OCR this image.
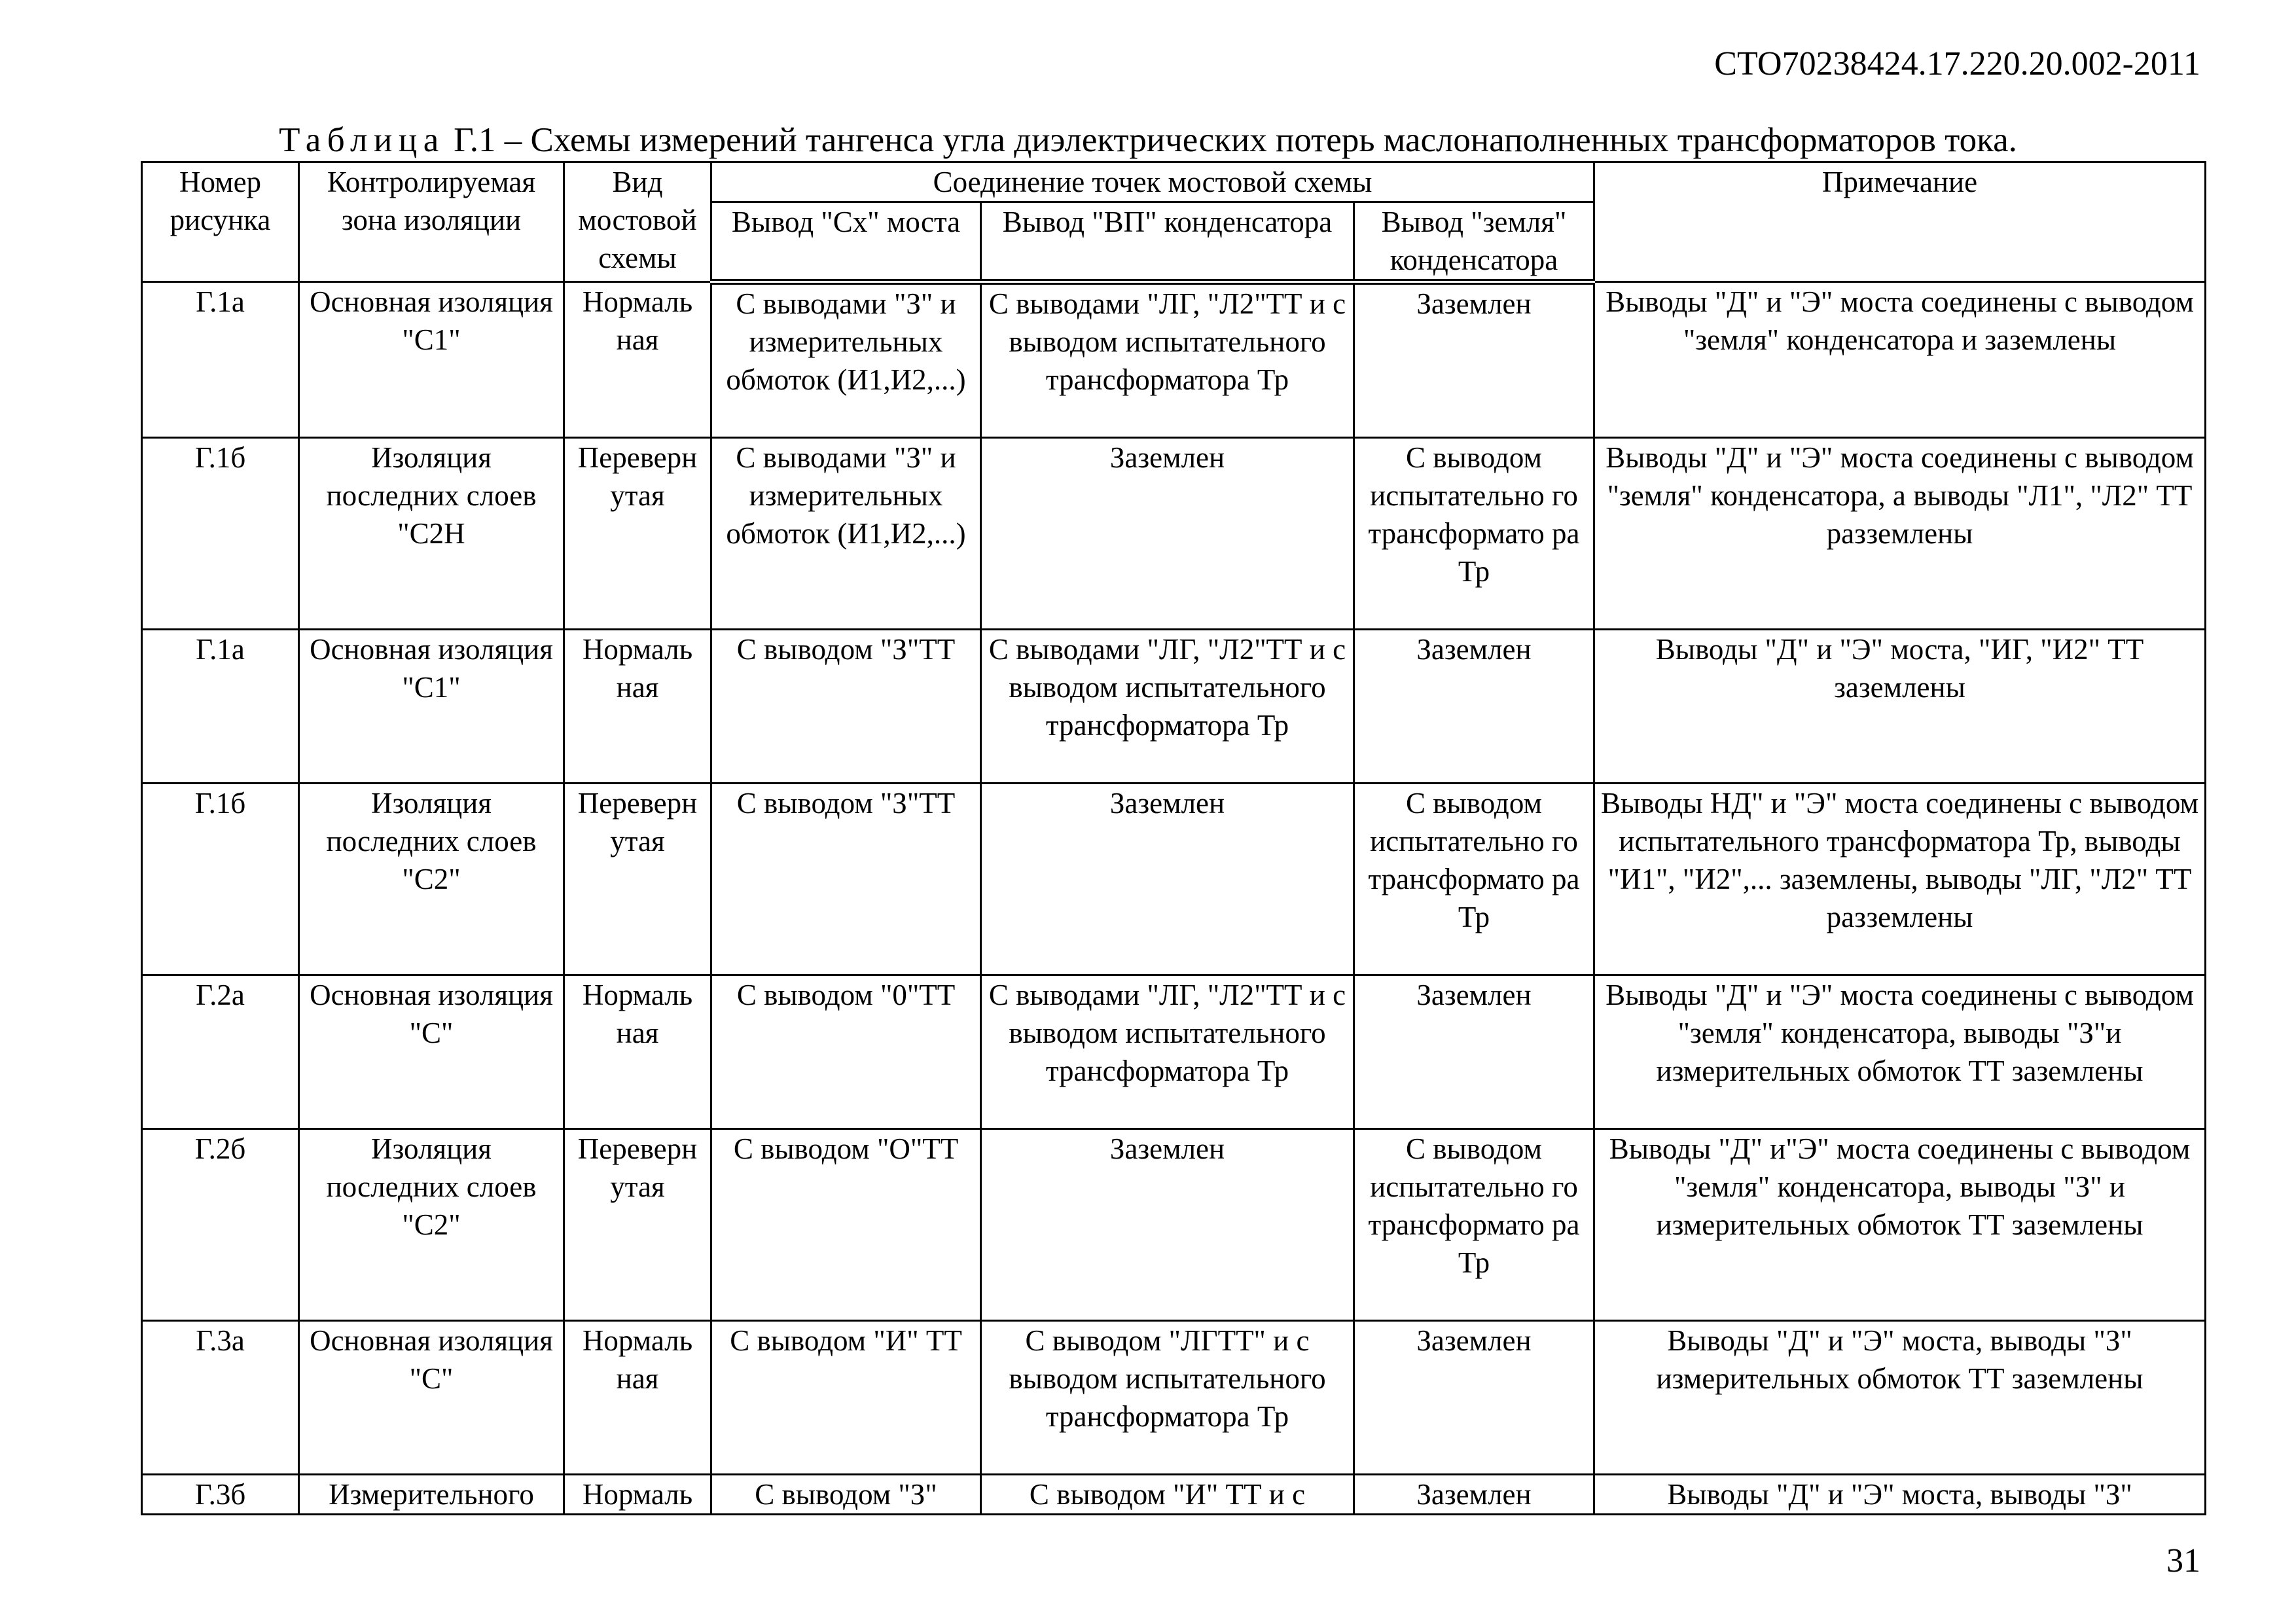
СТО70238424.17.220.20.002-2011
Таблица Г.1 – Схемы измерений тангенса угла диэлектрических потерь маслонаполненных трансформаторов тока.
Номер рисунка	Контролируемая зона изоляции	Вид мостовой схемы	Соединение точек мостовой схемы			Примечание
			Вывод "Сх" моста	Вывод "ВП" конденсатора	Вывод "земля" конденсатора	
Г.1а	Основная изоляция "С1"	Нормаль ная	С выводами "З" и измерительных обмоток (И1,И2,...)	С выводами "ЛГ, "Л2"ТТ и с выводом испытательного трансформатора Тр	Заземлен	Выводы "Д" и "Э" моста соединены с выводом "земля" конденсатора и заземлены
Г.1б	Изоляция последних слоев "С2Н	Переверн утая	С выводами "З" и измерительных обмоток (И1,И2,...)	Заземлен	С выводом испытательно го трансформато ра Тр	Выводы "Д" и "Э" моста соединены с выводом "земля" конденсатора, а выводы "Л1", "Л2" ТТ разземлены
Г.1а	Основная изоляция "С1"	Нормаль ная	С выводом "З"ТТ	С выводами "ЛГ, "Л2"ТТ и с выводом испытательного трансформатора Тр	Заземлен	Выводы "Д" и "Э" моста, "ИГ, "И2" ТТ заземлены
Г.1б	Изоляция последних слоев "С2"	Переверн утая	С выводом "З"ТТ	Заземлен	С выводом испытательно го трансформато ра Тр	Выводы НД" и "Э" моста соединены с выводом испытательного трансформатора Тр, выводы "И1", "И2",... заземлены, выводы "ЛГ, "Л2" ТТ разземлены
Г.2а	Основная изоляция "С"	Нормаль ная	С выводом "0"ТТ	С выводами "ЛГ, "Л2"ТТ и с выводом испытательного трансформатора Тр	Заземлен	Выводы "Д" и "Э" моста соединены с выводом "земля" конденсатора, выводы "З"и измерительных обмоток ТТ заземлены
Г.2б	Изоляция последних слоев "С2"	Переверн утая	С выводом "О"ТТ	Заземлен	С выводом испытательно го трансформато ра Тр	Выводы "Д" и"Э" моста соединены с выводом "земля" конденсатора, выводы "З" и измерительных обмоток ТТ заземлены
Г.3а	Основная изоляция "С"	Нормаль ная	С выводом "И" ТТ	С выводом "ЛГТТ" и с выводом испытательного трансформатора Тр	Заземлен	Выводы "Д" и "Э" моста, выводы "З" измерительных обмоток ТТ заземлены
Г.3б	Измерительного	Нормаль	С выводом "З"	С выводом "И" ТТ и с	Заземлен	Выводы "Д" и "Э" моста, выводы "З"
31
